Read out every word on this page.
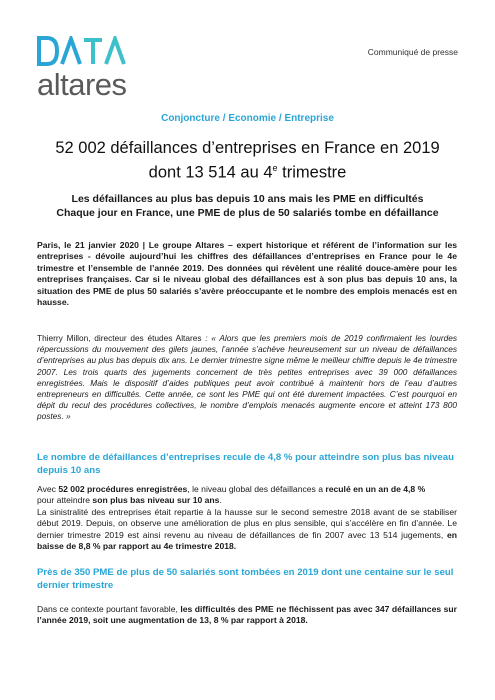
altares
Communiqué de presse
Conjoncture / Economie / Entreprise
52 002 défaillances d’entreprises en France en 2019
dont 13 514 au 4e trimestre
Les défaillances au plus bas depuis 10 ans mais les PME en difficultés
Chaque jour en France, une PME de plus de 50 salariés tombe en défaillance
Paris, le 21 janvier 2020 | Le groupe Altares – expert historique et référent de l’information sur les entreprises - dévoile aujourd’hui les chiffres des défaillances d’entreprises en France pour le 4e trimestre et l’ensemble de l’année 2019. Des données qui révèlent une réalité douce-amère pour les entreprises françaises. Car si le niveau global des défaillances est à son plus bas depuis 10 ans, la situation des PME de plus 50 salariés s’avère préoccupante et le nombre des emplois menacés est en hausse.
Thierry Millon, directeur des études Altares : « Alors que les premiers mois de 2019 confirmaient les lourdes répercussions du mouvement des gilets jaunes, l’année s’achève heureusement sur un niveau de défaillances d’entreprises au plus bas depuis dix ans. Le dernier trimestre signe même le meilleur chiffre depuis le 4e trimestre 2007. Les trois quarts des jugements concernent de très petites entreprises avec 39 000 défaillances enregistrées. Mais le dispositif d’aides publiques peut avoir contribué à maintenir hors de l’eau d’autres entrepreneurs en difficultés. Cette année, ce sont les PME qui ont été durement impactées. C’est pourquoi en dépit du recul des procédures collectives, le nombre d’emplois menacés augmente encore et atteint 173 800 postes. »
Le nombre de défaillances d’entreprises recule de 4,8 % pour atteindre son plus bas niveau depuis 10 ans
Avec 52 002 procédures enregistrées, le niveau global des défaillances a reculé en un an de 4,8 %
pour atteindre son plus bas niveau sur 10 ans.
La sinistralité des entreprises était repartie à la hausse sur le second semestre 2018 avant de se stabiliser début 2019. Depuis, on observe une amélioration de plus en plus sensible, qui s’accélère en fin d’année. Le dernier trimestre 2019 est ainsi revenu au niveau de défaillances de fin 2007 avec 13 514 jugements, en baisse de 8,8 % par rapport au 4e trimestre 2018.
Près de 350 PME de plus de 50 salariés sont tombées en 2019 dont une centaine sur le seul dernier trimestre
Dans ce contexte pourtant favorable, les difficultés des PME ne fléchissent pas avec 347 défaillances sur l’année 2019, soit une augmentation de 13, 8 % par rapport à 2018.
